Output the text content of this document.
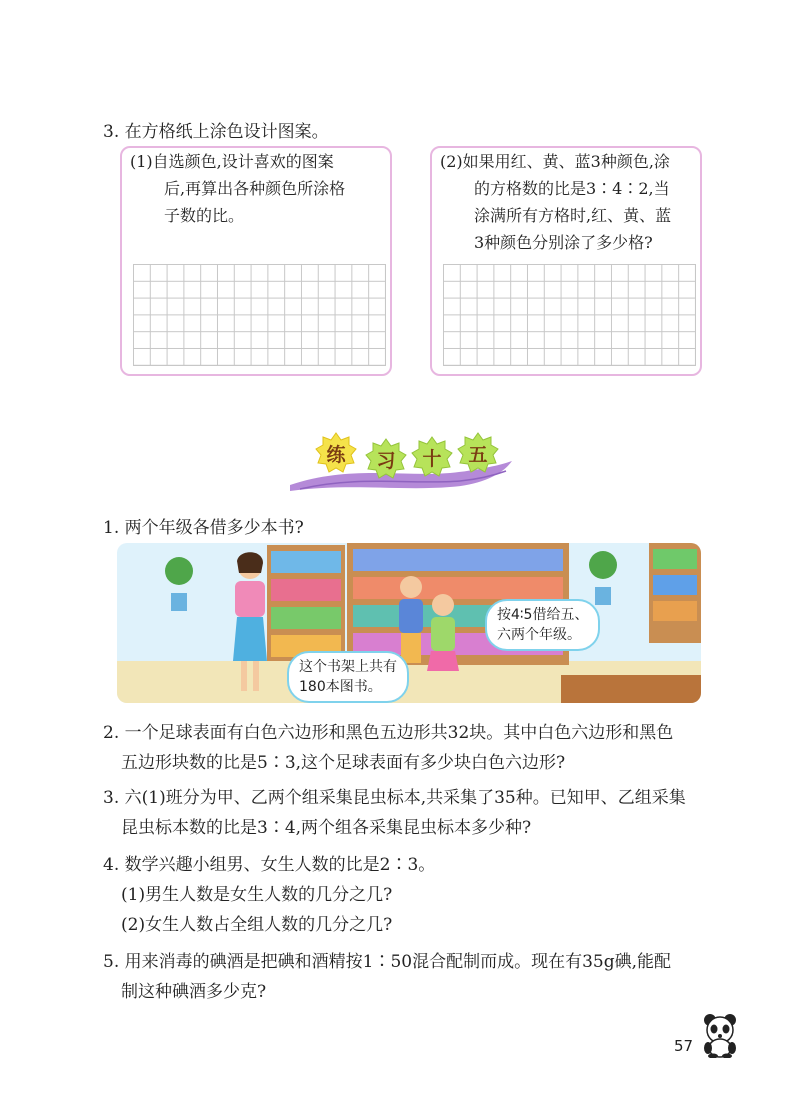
3. 在方格纸上涂色设计图案。
(1)自选颜色,设计喜欢的图案
后,再算出各种颜色所涂格
子数的比。
(2)如果用红、黄、蓝3种颜色,涂
的方格数的比是3∶4∶2,当
涂满所有方格时,红、黄、蓝
3种颜色分别涂了多少格?
练 习 十 五
1. 两个年级各借多少本书?
这个书架上共有
180本图书。
按4∶5借给五、
六两个年级。
2. 一个足球表面有白色六边形和黑色五边形共32块。其中白色六边形和黑色
五边形块数的比是5∶3,这个足球表面有多少块白色六边形?
3. 六(1)班分为甲、乙两个组采集昆虫标本,共采集了35种。已知甲、乙组采集
昆虫标本数的比是3∶4,两个组各采集昆虫标本多少种?
4. 数学兴趣小组男、女生人数的比是2∶3。
(1)男生人数是女生人数的几分之几?
(2)女生人数占全组人数的几分之几?
5. 用来消毒的碘酒是把碘和酒精按1∶50混合配制而成。现在有35g碘,能配
制这种碘酒多少克?
57
